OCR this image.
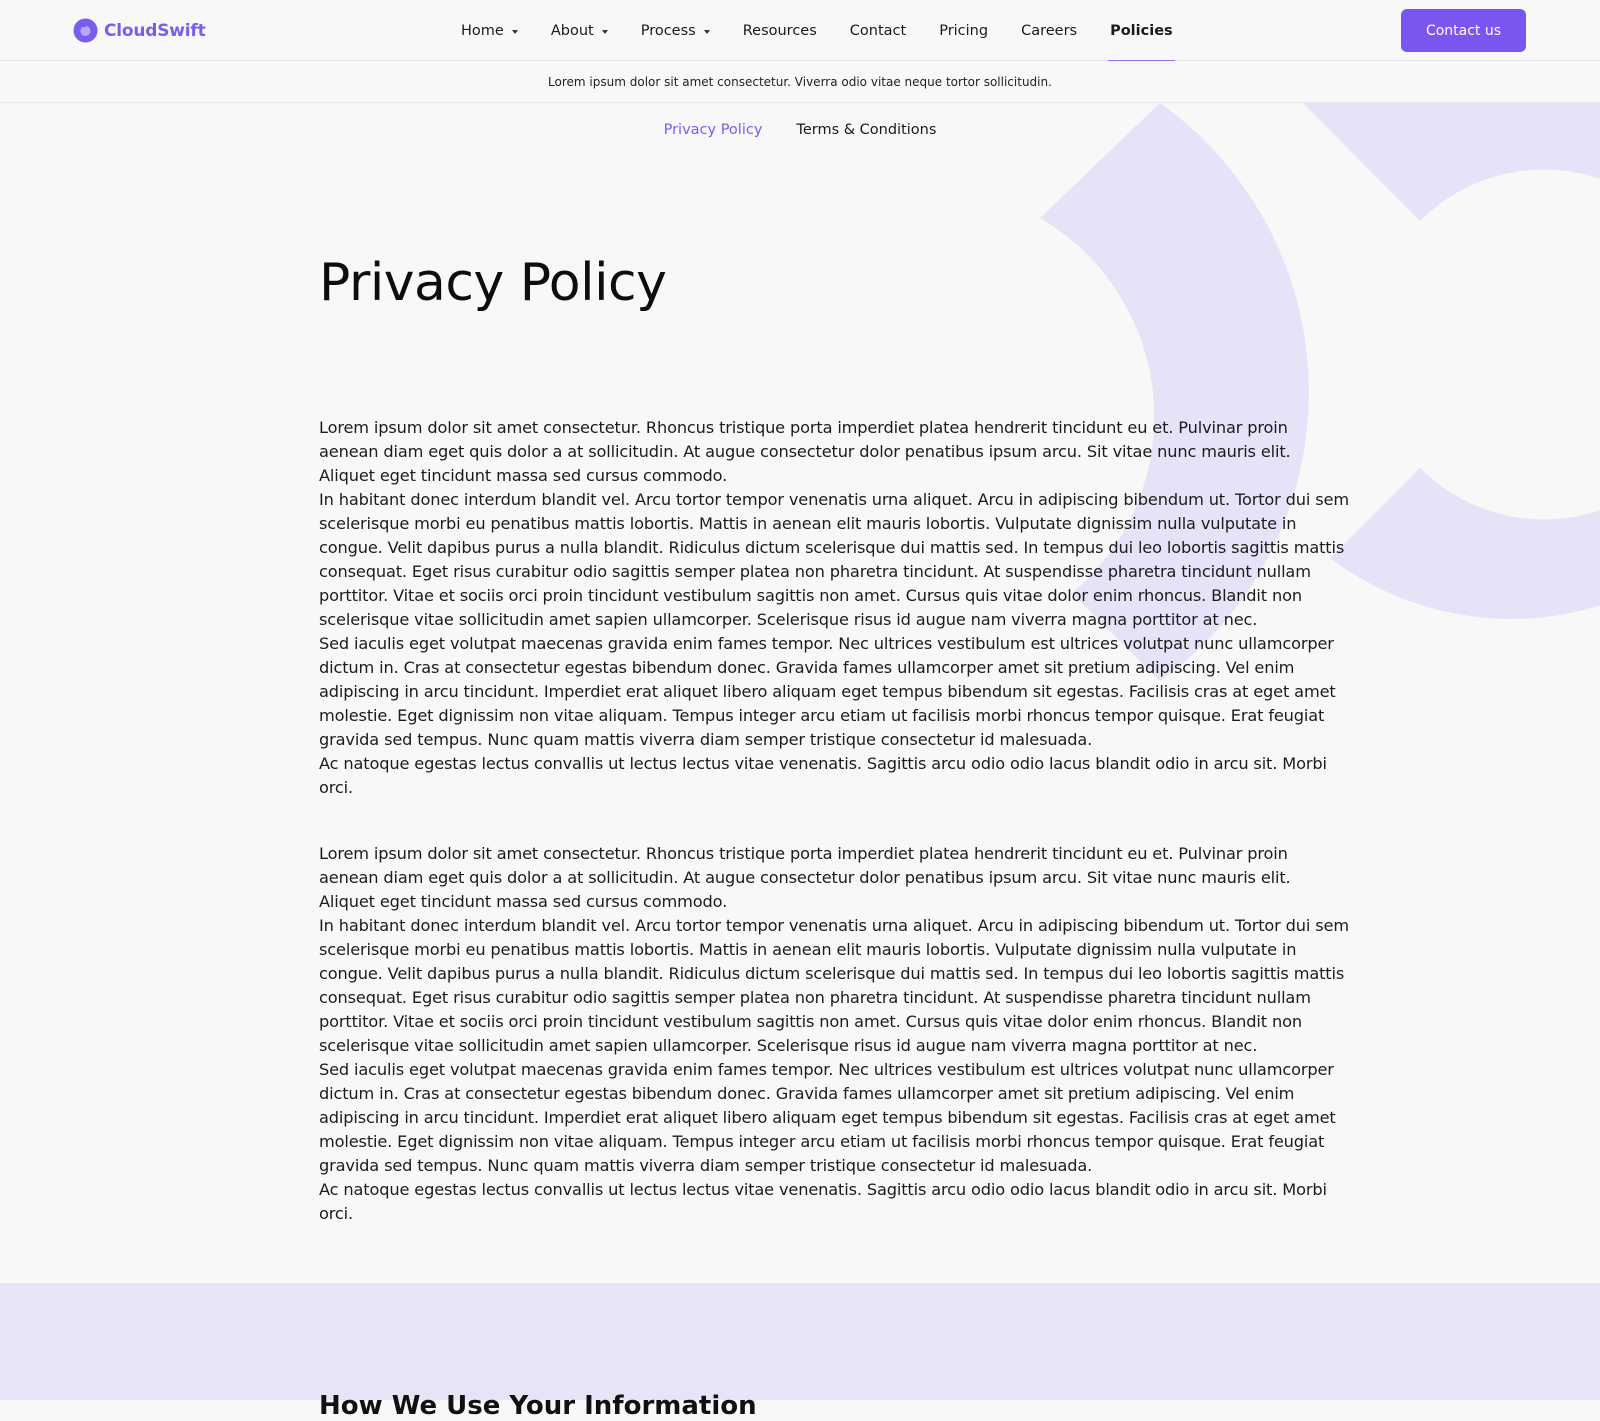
CloudSwift	Home	About	Process	Resources Contact Pricing Careers Policies	Contact us
Lorem ipsum dolor sit amet consectetur. Viverra odio vitae neque tortor sollicitudin.
Privacy Policy Terms & Conditions
Privacy Policy

Lorem ipsum dolor sit amet consectetur. Rhoncus tristique porta imperdiet platea hendrerit tincidunt eu et. Pulvinar proin aenean diam eget quis dolor a at sollicitudin. At augue consectetur dolor penatibus ipsum arcu. Sit vitae nunc mauris elit. Aliquet eget tincidunt massa sed cursus commodo.

In habitant donec interdum blandit vel. Arcu tortor tempor venenatis urna aliquet. Arcu in adipiscing bibendum ut. Tortor dui sem scelerisque morbi eu penatibus mattis lobortis. Mattis in aenean elit mauris lobortis. Vulputate dignissim nulla vulputate in congue. Velit dapibus purus a nulla blandit. Ridiculus dictum scelerisque dui mattis sed. In tempus dui leo lobortis sagittis mattis consequat. Eget risus curabitur odio sagittis semper platea non pharetra tincidunt. At suspendisse pharetra tincidunt nullam porttitor. Vitae et sociis orci proin tincidunt vestibulum sagittis non amet. Cursus quis vitae dolor enim rhoncus. Blandit non scelerisque vitae sollicitudin amet sapien ullamcorper. Scelerisque risus id augue nam viverra magna porttitor at nec.

Sed iaculis eget volutpat maecenas gravida enim fames tempor. Nec ultrices vestibulum est ultrices volutpat nunc ullamcorper dictum in. Cras at consectetur egestas bibendum donec. Gravida fames ullamcorper amet sit pretium adipiscing. Vel enim adipiscing in arcu tincidunt. Imperdiet erat aliquet libero aliquam eget tempus bibendum sit egestas. Facilisis cras at eget amet molestie. Eget dignissim non vitae aliquam. Tempus integer arcu etiam ut facilisis morbi rhoncus tempor quisque. Erat feugiat gravida sed tempus. Nunc quam mattis viverra diam semper tristique consectetur id malesuada.

Ac natoque egestas lectus convallis ut lectus lectus vitae venenatis. Sagittis arcu odio odio lacus blandit odio in arcu sit. Morbi orci.

Lorem ipsum dolor sit amet consectetur. Rhoncus tristique porta imperdiet platea hendrerit tincidunt eu et. Pulvinar proin aenean diam eget quis dolor a at sollicitudin. At augue consectetur dolor penatibus ipsum arcu. Sit vitae nunc mauris elit. Aliquet eget tincidunt massa sed cursus commodo.

In habitant donec interdum blandit vel. Arcu tortor tempor venenatis urna aliquet. Arcu in adipiscing bibendum ut. Tortor dui sem scelerisque morbi eu penatibus mattis lobortis. Mattis in aenean elit mauris lobortis. Vulputate dignissim nulla vulputate in congue. Velit dapibus purus a nulla blandit. Ridiculus dictum scelerisque dui mattis sed. In tempus dui leo lobortis sagittis mattis consequat. Eget risus curabitur odio sagittis semper platea non pharetra tincidunt. At suspendisse pharetra tincidunt nullam porttitor. Vitae et sociis orci proin tincidunt vestibulum sagittis non amet. Cursus quis vitae dolor enim rhoncus. Blandit non scelerisque vitae sollicitudin amet sapien ullamcorper. Scelerisque risus id augue nam viverra magna porttitor at nec.

Sed iaculis eget volutpat maecenas gravida enim fames tempor. Nec ultrices vestibulum est ultrices volutpat nunc ullamcorper dictum in. Cras at consectetur egestas bibendum donec. Gravida fames ullamcorper amet sit pretium adipiscing. Vel enim adipiscing in arcu tincidunt. Imperdiet erat aliquet libero aliquam eget tempus bibendum sit egestas. Facilisis cras at eget amet molestie. Eget dignissim non vitae aliquam. Tempus integer arcu etiam ut facilisis morbi rhoncus tempor quisque. Erat feugiat gravida sed tempus. Nunc quam mattis viverra diam semper tristique consectetur id malesuada.

Ac natoque egestas lectus convallis ut lectus lectus vitae venenatis. Sagittis arcu odio odio lacus blandit odio in arcu sit. Morbi orci.

How We Use Your Information
